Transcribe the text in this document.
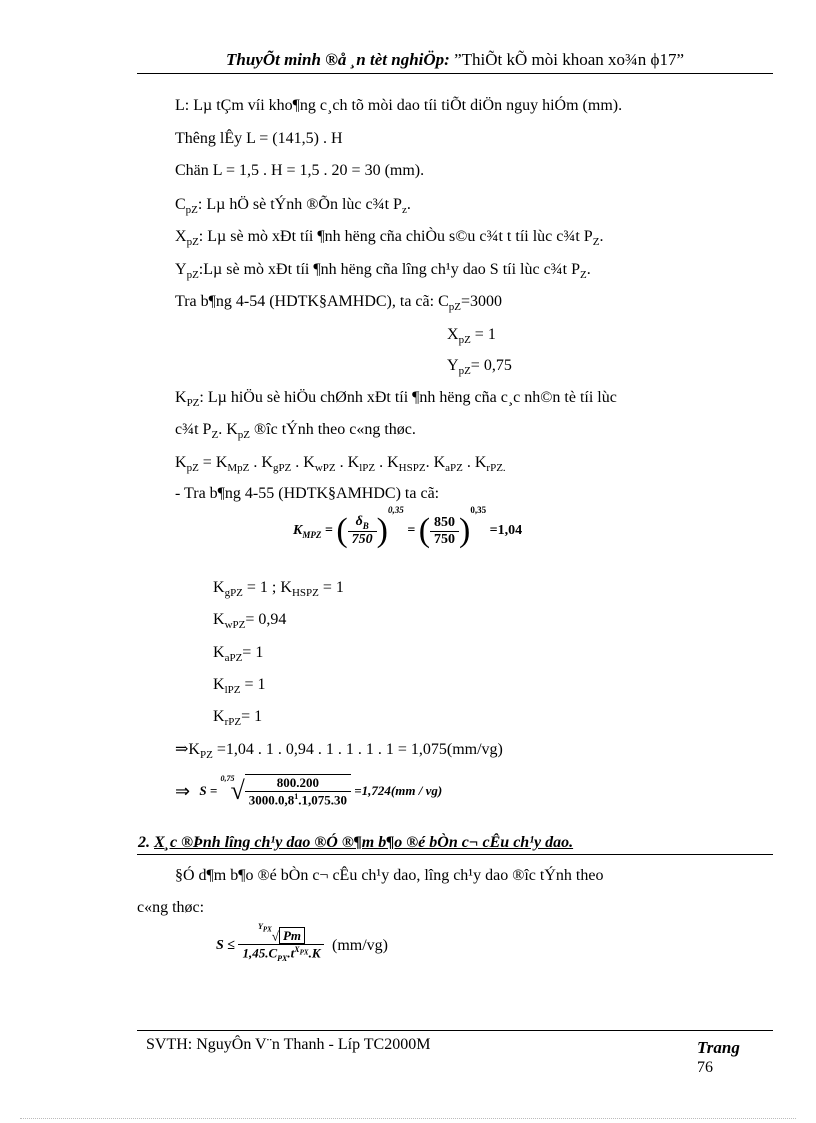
ThuyÕt minh ®å ¸n tèt nghiÖp: ”ThiÕt kÕ mòi khoan xo¾n ϕ17”
L: Lµ tÇm víi kho¶ng c¸ch tõ mòi dao tíi tiÕt diÖn nguy hiÓm (mm).
Thêng lÊy L = (141,5) . H
Chän L = 1,5 . H = 1,5 . 20 = 30 (mm).
$C_{pZ}$: Lµ hÖ sè tÝnh ®Õn lùc c¾t $P_z$.
$X_{pZ}$: Lµ sè mò xÐt tíi ¶nh hëng cña chiÒu s©u c¾t t tíi lùc c¾t $P_Z$.
$Y_{pZ}:L\mu$ sè mò xÐt tíi ¶nh hëng cña lîng ch¹y dao S tíi lùc c¾t $P_Z$.
Tra b¶ng 4-54 (HDTK§AMHDC), ta cã: $C_{pZ}=3000$
$X_{pZ} = 1$
$Y_{pZ}= 0,75$
$K_{PZ}$: Lµ hiÖu sè hiÖu chØnh xÐt tíi ¶nh hëng cña c¸c nh©n tè tíi lùc
c¾t $P_Z$. $K_{pZ}$ ®îc tÝnh theo c«ng thøc.
$K_{pZ} = K_{MpZ}$ . $K_{gPZ}$ . $K_{wPZ}$ . $K_{lPZ}$ . $K_{HSPZ}$. $K_{aPZ}$ . $K_{rPZ.}$
- Tra b¶ng 4-55 (HDTK§AMHDC) ta cã:
$K_{MPZ}$ = ( $\frac{\delta_B}{750} )^{0,35}$ = ( $\frac{850}{750} )^{0,35} =1,04$
$K_{gPZ} = 1$ ; $K_{HSPZ} = 1$
$K_{wPZ}= 0,94$
$K_{aPZ}= 1$
$K_{lPZ} = 1$
$K_{rPZ}= 1$
$\Rightarrow K_{PZ} =1,04$ . 1 . 0,94 . 1 . 1 . 1 . 1 = 1,075(mm/vg)
⇒ S =
0,75
√ $\frac{800.200}{3000.0,8^1.1,075.30} =1,724(mm / vg)$
2. X¸c ®Þnh lîng ch¹y dao ®Ó ®¶m b¶o ®é bÒn c¬ cÊu ch¹y dao.
§Ó d¶m b¶o ®é bÒn c¬ cÊu ch¹y dao, lîng ch¹y dao ®îc tÝnh theo
c«ng thøc:
$S \le \frac{^{Y_{PX}}√ Pm}{1,45.C_{PX}.t^{X_{PX}}.K} (mm/vg)$
SVTH: NguyÔn V¨n Thanh - Líp TC2000M	Trang
76
